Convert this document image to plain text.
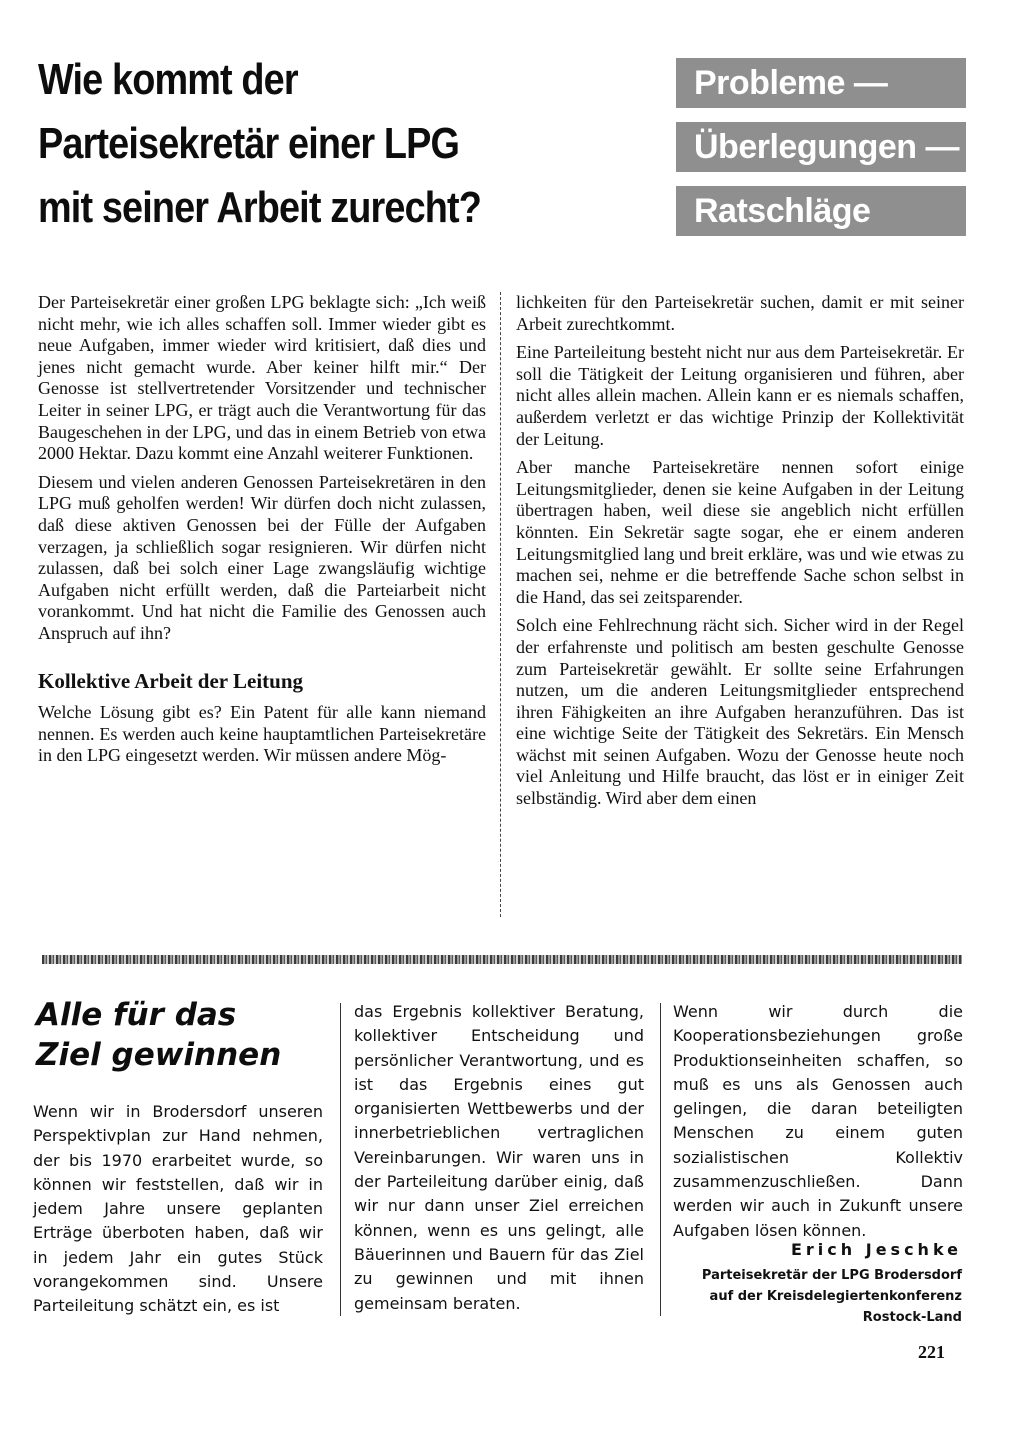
Wie kommt der
Parteisekretär einer LPG
mit seiner Arbeit zurecht?
Probleme —
Überlegungen —
Ratschläge

Der Parteisekretär einer großen LPG beklagte sich: „Ich weiß nicht mehr, wie ich alles schaffen soll. Immer wieder gibt es neue Aufgaben, immer wieder wird kritisiert, daß dies und jenes nicht gemacht wurde. Aber keiner hilft mir.“ Der Genosse ist stellvertretender Vorsitzender und technischer Leiter in seiner LPG, er trägt auch die Verantwortung für das Baugeschehen in der LPG, und das in einem Betrieb von etwa 2000 Hektar. Dazu kommt eine Anzahl weiterer Funktionen.

Diesem und vielen anderen Genossen Parteisekretären in den LPG muß geholfen werden! Wir dürfen doch nicht zulassen, daß diese aktiven Genossen bei der Fülle der Aufgaben verzagen, ja schließlich sogar resignieren. Wir dürfen nicht zulassen, daß bei solch einer Lage zwangsläufig wichtige Aufgaben nicht erfüllt werden, daß die Parteiarbeit nicht vorankommt. Und hat nicht die Familie des Genossen auch Anspruch auf ihn?

Kollektive Arbeit der Leitung

Welche Lösung gibt es? Ein Patent für alle kann niemand nennen. Es werden auch keine hauptamtlichen Parteisekretäre in den LPG eingesetzt werden. Wir müssen andere Mög-

lichkeiten für den Parteisekretär suchen, damit er mit seiner Arbeit zurechtkommt.

Eine Parteileitung besteht nicht nur aus dem Parteisekretär. Er soll die Tätigkeit der Leitung organisieren und führen, aber nicht alles allein machen. Allein kann er es niemals schaffen, außerdem verletzt er das wichtige Prinzip der Kollektivität der Leitung.

Aber manche Parteisekretäre nennen sofort einige Leitungsmitglieder, denen sie keine Aufgaben in der Leitung übertragen haben, weil diese sie angeblich nicht erfüllen könnten. Ein Sekretär sagte sogar, ehe er einem anderen Leitungsmitglied lang und breit erkläre, was und wie etwas zu machen sei, nehme er die betreffende Sache schon selbst in die Hand, das sei zeitsparender.

Solch eine Fehlrechnung rächt sich. Sicher wird in der Regel der erfahrenste und politisch am besten geschulte Genosse zum Parteisekretär gewählt. Er sollte seine Erfahrungen nutzen, um die anderen Leitungsmitglieder entsprechend ihren Fähigkeiten an ihre Aufgaben heranzuführen. Das ist eine wichtige Seite der Tätigkeit des Sekretärs. Ein Mensch wächst mit seinen Aufgaben. Wozu der Genosse heute noch viel Anleitung und Hilfe braucht, das löst er in einiger Zeit selbständig. Wird aber dem einen

Alle für das
Ziel gewinnen
Wenn wir in Brodersdorf unseren Perspektivplan zur Hand nehmen, der bis 1970 erarbeitet wurde, so können wir feststellen, daß wir in jedem Jahre unsere geplanten Erträge überboten haben, daß wir in jedem Jahr ein gutes Stück vorangekommen sind. Unsere Parteileitung schätzt ein, es ist
das Ergebnis kollektiver Beratung, kollektiver Entscheidung und persönlicher Verantwortung, und es ist das Ergebnis eines gut organisierten Wettbewerbs und der innerbetrieblichen vertraglichen Vereinbarungen. Wir waren uns in der Parteileitung darüber einig, daß wir nur dann unser Ziel erreichen können, wenn es uns gelingt, alle Bäuerinnen und Bauern für das Ziel zu gewinnen und mit ihnen gemeinsam beraten.
Wenn wir durch die Kooperationsbeziehungen große Produktionseinheiten schaffen, so muß es uns als Genossen auch gelingen, die daran beteiligten Menschen zu einem guten sozialistischen Kollektiv zusammenzuschließen. Dann werden wir auch in Zukunft unsere Aufgaben lösen können.
Erich Jeschke
Parteisekretär der LPG Brodersdorf
auf der Kreisdelegiertenkonferenz
Rostock-Land
221
